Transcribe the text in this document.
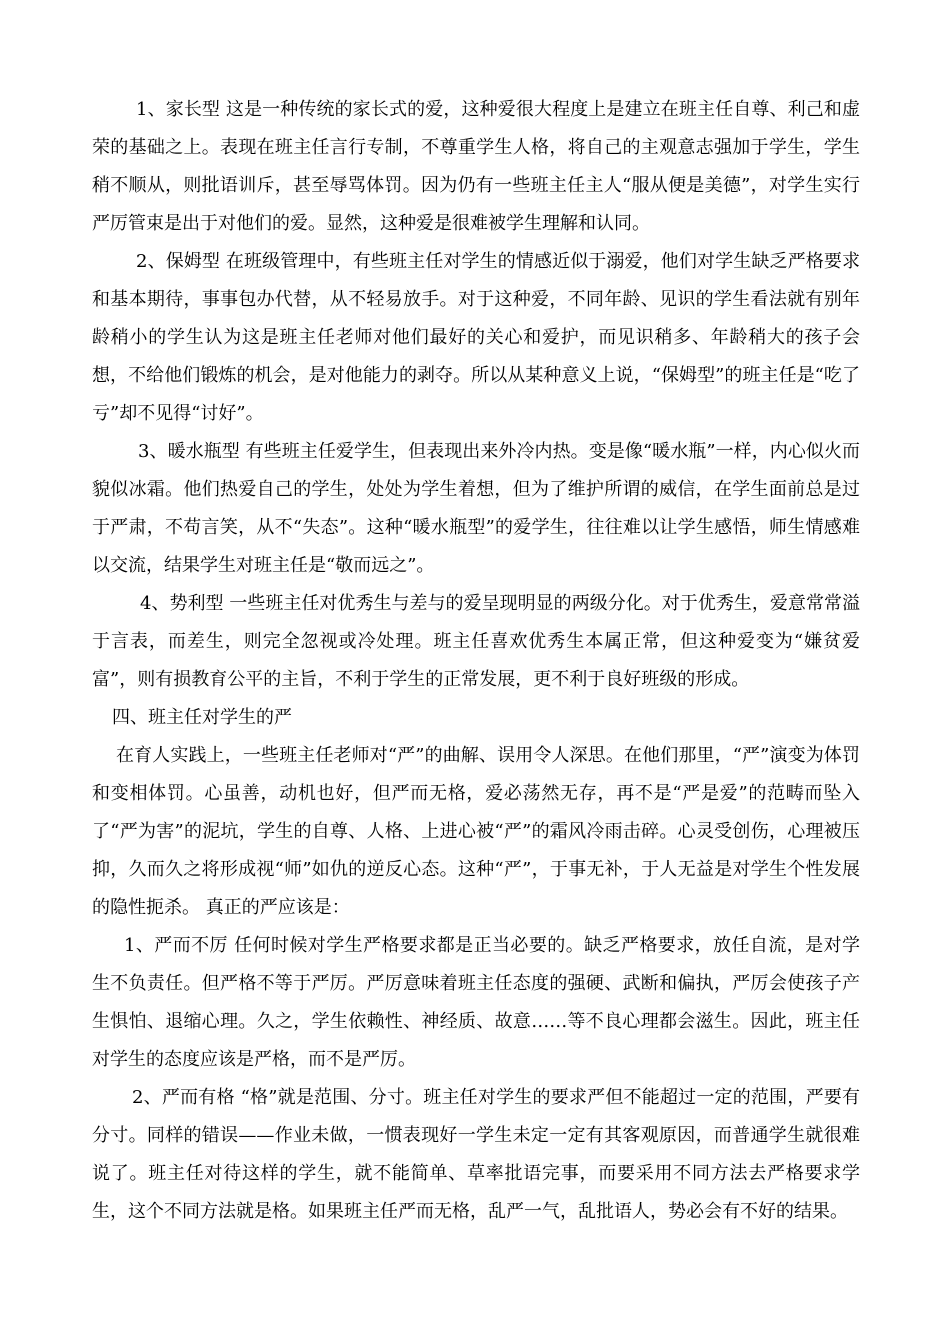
1、家长型 这是一种传统的家长式的爱，这种爱很大程度上是建立在班主任自尊、利己和虚荣的基础之上。表现在班主任言行专制，不尊重学生人格，将自己的主观意志强加于学生，学生稍不顺从，则批语训斥，甚至辱骂体罚。因为仍有一些班主任主人“服从便是美德”，对学生实行严厉管束是出于对他们的爱。显然，这种爱是很难被学生理解和认同。

2、保姆型 在班级管理中，有些班主任对学生的情感近似于溺爱，他们对学生缺乏严格要求和基本期待，事事包办代替，从不轻易放手。对于这种爱，不同年龄、见识的学生看法就有别年龄稍小的学生认为这是班主任老师对他们最好的关心和爱护，而见识稍多、年龄稍大的孩子会想，不给他们锻炼的机会，是对他能力的剥夺。所以从某种意义上说，“保姆型”的班主任是“吃了亏”却不见得“讨好”。

3、暖水瓶型 有些班主任爱学生，但表现出来外冷内热。变是像“暖水瓶”一样，内心似火而貌似冰霜。他们热爱自己的学生，处处为学生着想，但为了维护所谓的威信，在学生面前总是过于严肃，不苟言笑，从不“失态”。这种“暖水瓶型”的爱学生，往往难以让学生感悟，师生情感难以交流，结果学生对班主任是“敬而远之”。

4、势利型 一些班主任对优秀生与差与的爱呈现明显的两级分化。对于优秀生，爱意常常溢于言表，而差生，则完全忽视或冷处理。班主任喜欢优秀生本属正常，但这种爱变为“嫌贫爱富”，则有损教育公平的主旨，不利于学生的正常发展，更不利于良好班级的形成。

四、班主任对学生的严

在育人实践上，一些班主任老师对“严”的曲解、误用令人深思。在他们那里，“严”演变为体罚和变相体罚。心虽善，动机也好，但严而无格，爱必荡然无存，再不是“严是爱”的范畴而坠入了“严为害”的泥坑，学生的自尊、人格、上进心被“严”的霜风冷雨击碎。心灵受创伤，心理被压抑，久而久之将形成视“师”如仇的逆反心态。这种“严”，于事无补，于人无益是对学生个性发展的隐性扼杀。 真正的严应该是：

1、严而不厉 任何时候对学生严格要求都是正当必要的。缺乏严格要求，放任自流，是对学生不负责任。但严格不等于严厉。严厉意味着班主任态度的强硬、武断和偏执，严厉会使孩子产生惧怕、退缩心理。久之，学生依赖性、神经质、故意……等不良心理都会滋生。因此，班主任对学生的态度应该是严格，而不是严厉。

2、严而有格 “格”就是范围、分寸。班主任对学生的要求严但不能超过一定的范围，严要有分寸。同样的错误——作业未做，一惯表现好一学生未定一定有其客观原因，而普通学生就很难说了。班主任对待这样的学生，就不能简单、草率批语完事，而要采用不同方法去严格要求学生，这个不同方法就是格。如果班主任严而无格，乱严一气，乱批语人，势必会有不好的结果。
